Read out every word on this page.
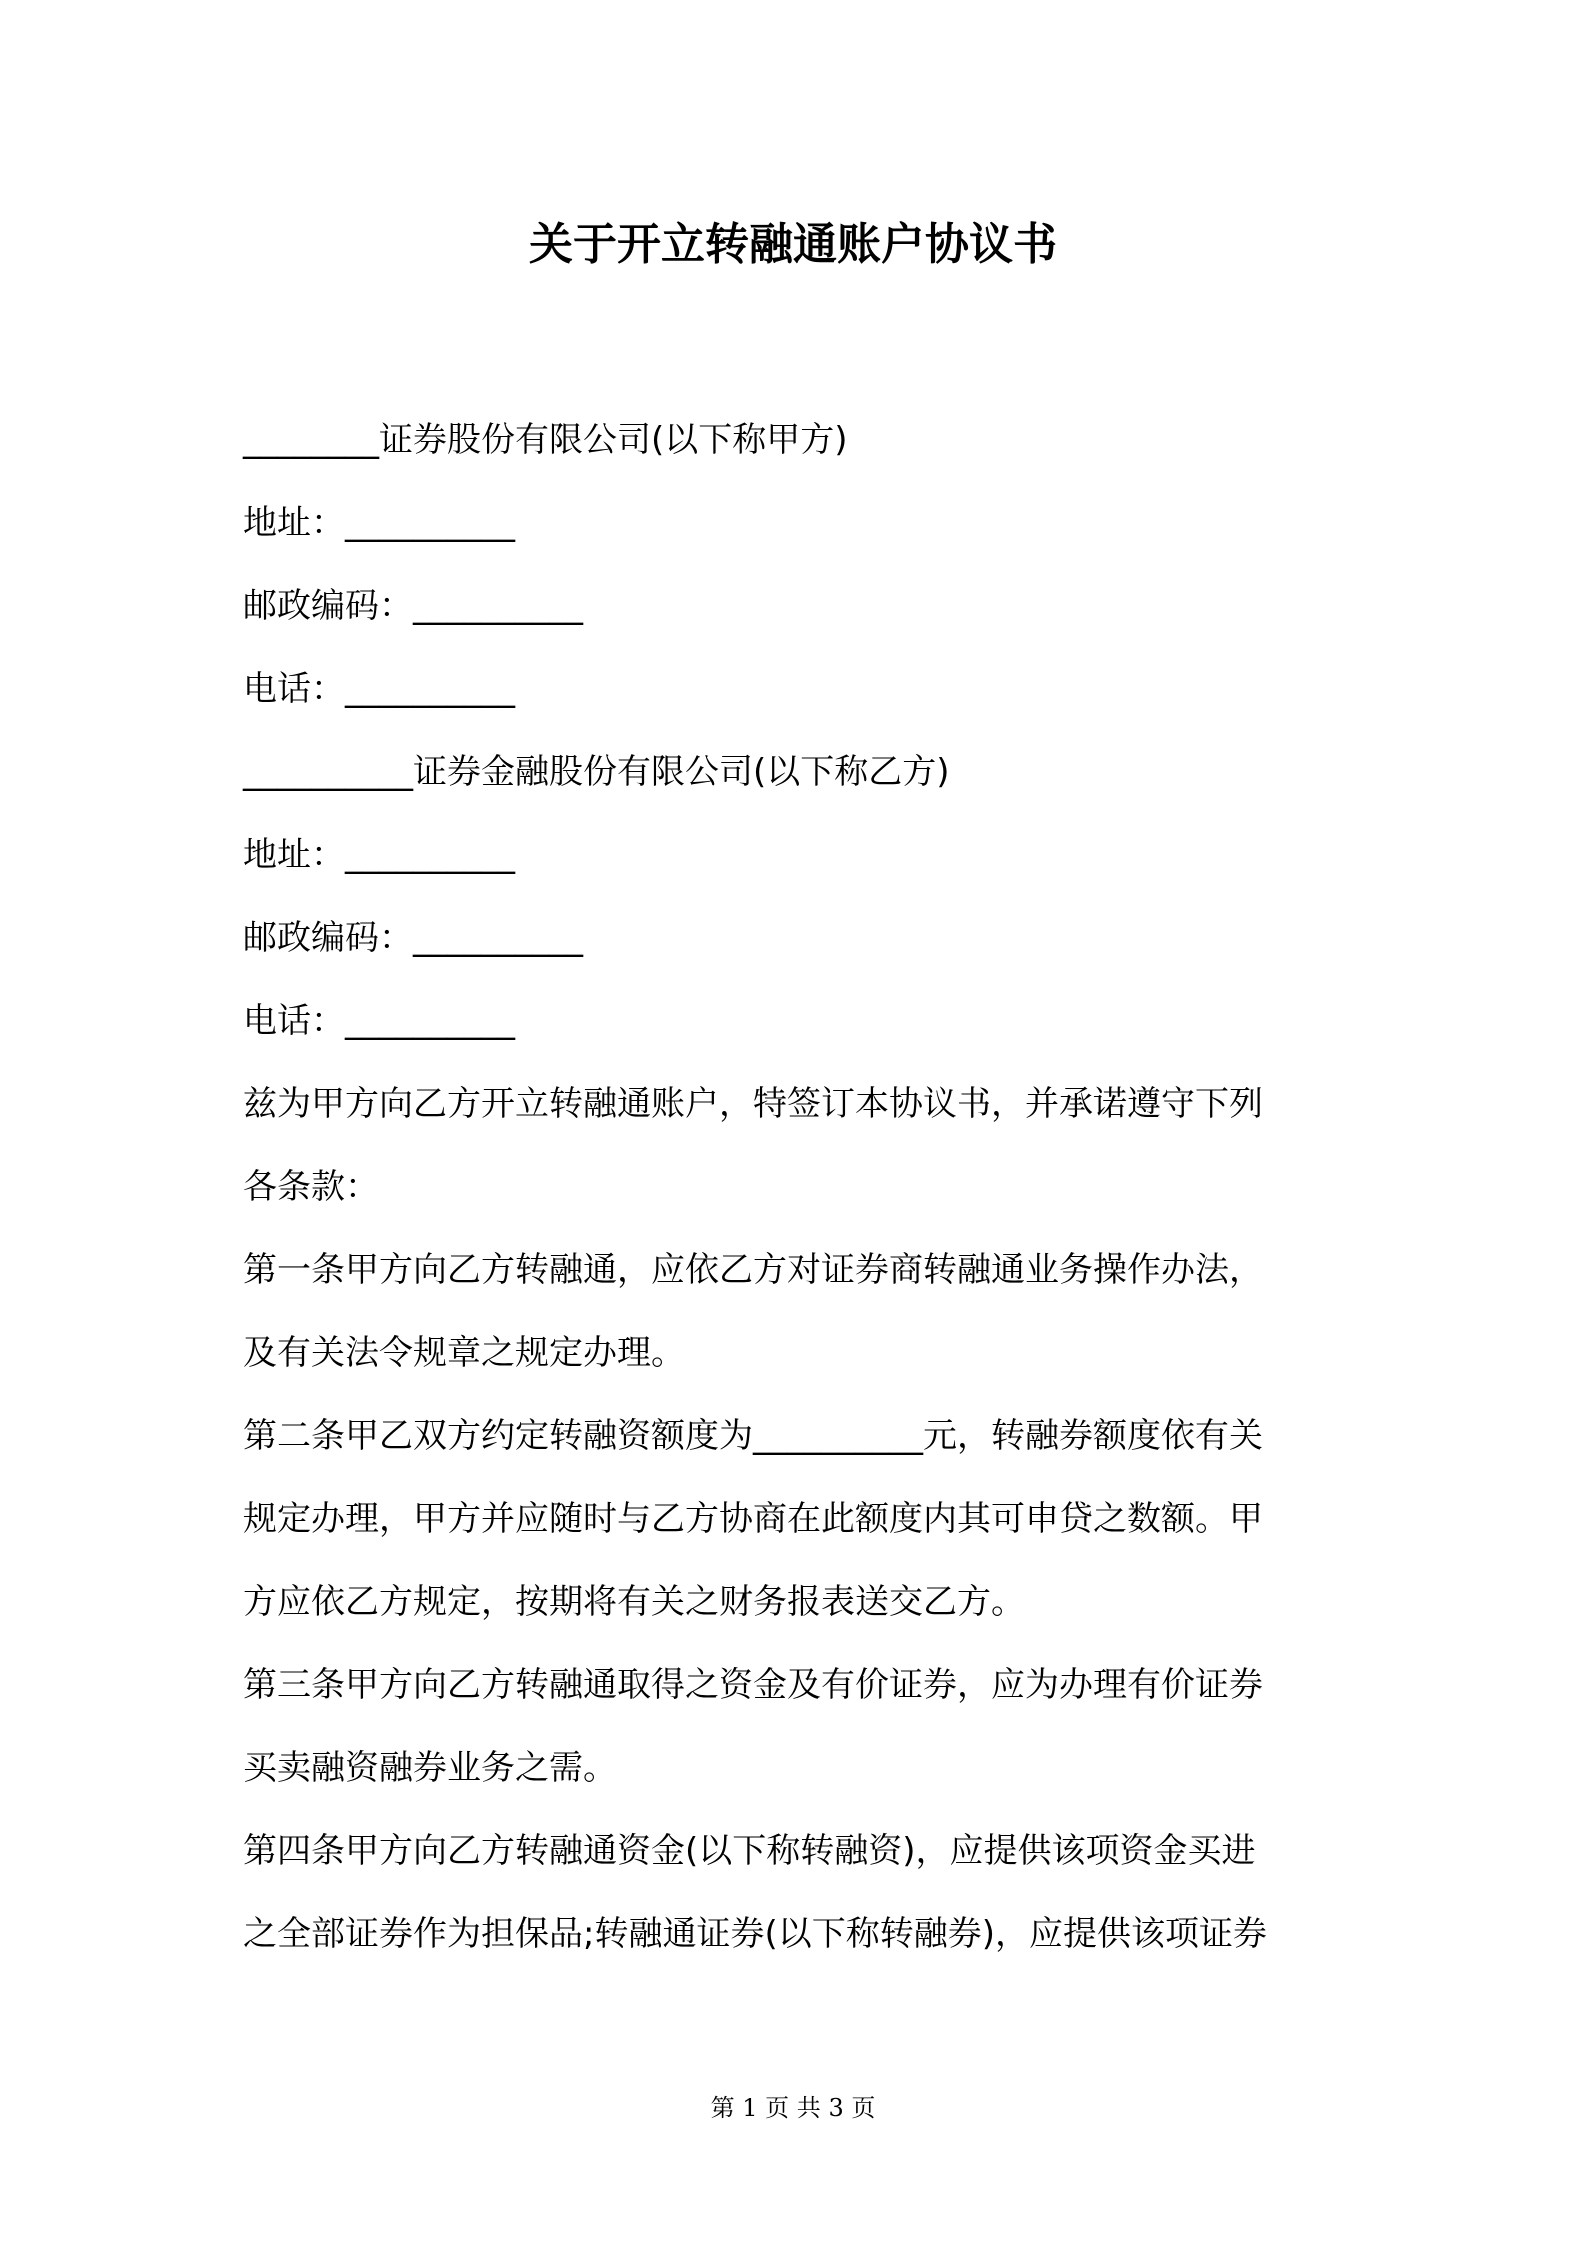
关于开立转融通账户协议书
________证券股份有限公司(以下称甲方)
地址：__________
邮政编码：__________
电话：__________
__________证券金融股份有限公司(以下称乙方)
地址：__________
邮政编码：__________
电话：__________
兹为甲方向乙方开立转融通账户，特签订本协议书，并承诺遵守下列
各条款：
第一条甲方向乙方转融通，应依乙方对证券商转融通业务操作办法，
及有关法令规章之规定办理。
第二条甲乙双方约定转融资额度为__________元，转融券额度依有关
规定办理，甲方并应随时与乙方协商在此额度内其可申贷之数额。甲
方应依乙方规定，按期将有关之财务报表送交乙方。
第三条甲方向乙方转融通取得之资金及有价证券，应为办理有价证券
买卖融资融券业务之需。
第四条甲方向乙方转融通资金(以下称转融资)，应提供该项资金买进
之全部证券作为担保品;转融通证券(以下称转融券)，应提供该项证券
第 1 页 共 3 页
